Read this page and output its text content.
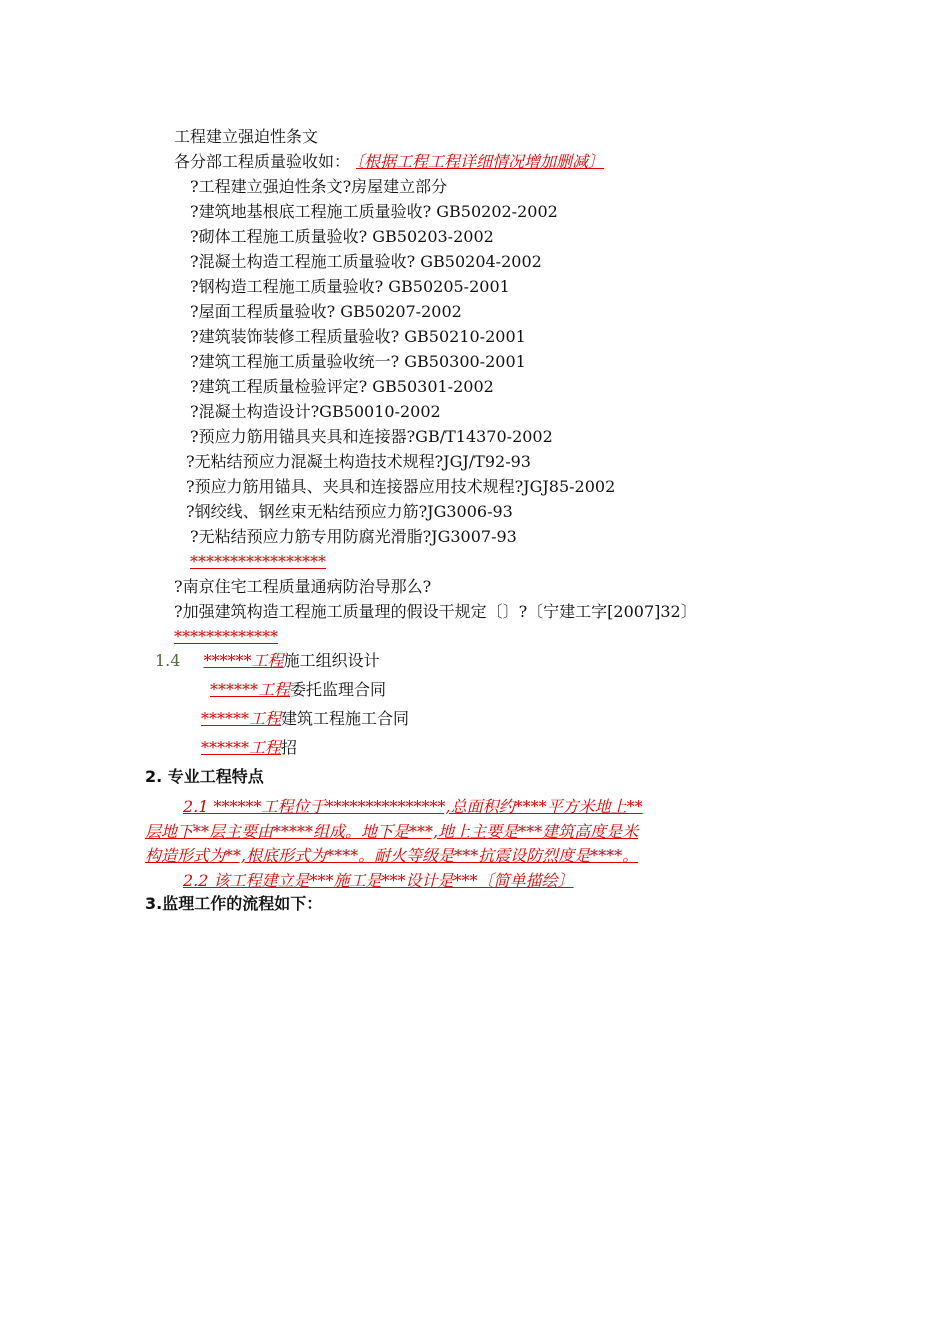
工程建立强迫性条文
各分部工程质量验收如： 〔根据工程工程详细情况增加删减〕
?工程建立强迫性条文?房屋建立部分
?建筑地基根底工程施工质量验收? GB50202-2002
?砌体工程施工质量验收? GB50203-2002
?混凝土构造工程施工质量验收? GB50204-2002
?钢构造工程施工质量验收? GB50205-2001
?屋面工程质量验收? GB50207-2002
?建筑装饰装修工程质量验收? GB50210-2001
?建筑工程施工质量验收统一? GB50300-2001
?建筑工程质量检验评定? GB50301-2002
?混凝土构造设计?GB50010-2002
?预应力筋用锚具夹具和连接器?GB/T14370-2002
?无粘结预应力混凝土构造技术规程?JGJ/T92-93
?预应力筋用锚具、夹具和连接器应用技术规程?JGJ85-2002
?钢绞线、钢丝束无粘结预应力筋?JG3006-93
?无粘结预应力筋专用防腐光滑脂?JG3007-93
*****************
?南京住宅工程质量通病防治导那么?
?加强建筑构造工程施工质量理的假设干规定〔〕?〔宁建工字[2007]32〕
*************
1.4 ******工程施工组织设计
******工程委托监理合同
******工程建筑工程施工合同
******工程招
2. 专业工程特点
2.1 ******工程位于***************,总面积约****平方米地上**
层地下**层主要由*****组成。地下是***,地上主要是***建筑高度是米
构造形式为**,根底形式为****。耐火等级是***抗震设防烈度是****。
2.2 该工程建立是***施工是***设计是***〔简单描绘〕
3.监理工作的流程如下：
